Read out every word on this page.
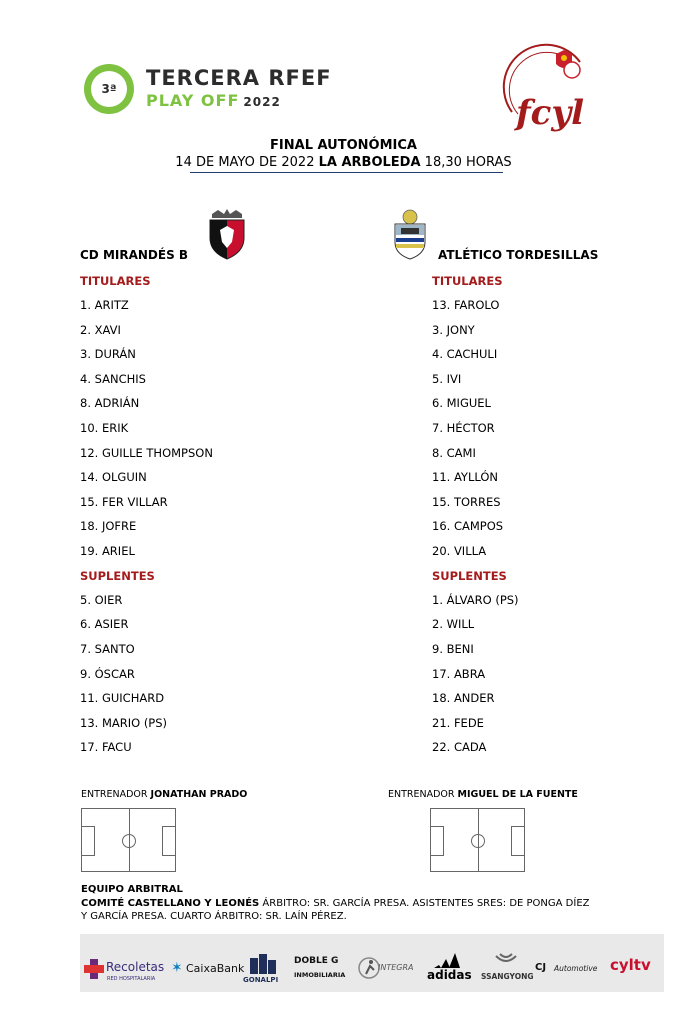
3ª	TERCERA RFEF
PLAY OFF 2022	fcyl
FINAL AUTONÓMICA
14 DE MAYO DE 2022 LA ARBOLEDA 18,30 HORAS
CD MIRANDÉS B	ATLÉTICO TORDESILLAS
TITULARES
1. ARITZ
2. XAVI
3. DURÁN
4. SANCHIS
8. ADRIÁN
10. ERIK
12. GUILLE THOMPSON
14. OLGUIN
15. FER VILLAR
18. JOFRE
19. ARIEL
SUPLENTES
5. OIER
6. ASIER
7. SANTO
9. ÓSCAR
11. GUICHARD
13. MARIO (PS)
17. FACU
TITULARES
13. FAROLO
3. JONY
4. CACHULI
5. IVI
6. MIGUEL
7. HÉCTOR
8. CAMI
11. AYLLÓN
15. TORRES
16. CAMPOS
20. VILLA
SUPLENTES
1. ÁLVARO (PS)
2. WILL
9. BENI
17. ABRA
18. ANDER
21. FEDE
22. CADA
ENTRENADOR JONATHAN PRADO	ENTRENADOR MIGUEL DE LA FUENTE
EQUIPO ARBITRAL
COMITÉ CASTELLANO Y LEONÉS ÁRBITRO: SR. GARCÍA PRESA. ASISTENTES SRES: DE PONGA DÍEZ
Y GARCÍA PRESA. CUARTO ÁRBITRO: SR. LAÍN PÉREZ.
Recoletas
RED HOSPITALARIA
✶ CaixaBank
GONALPI
DOBLE G
INMOBILIARIA
INTEGRA
adidas SSANGYONG
CJ Automotive cyltv
